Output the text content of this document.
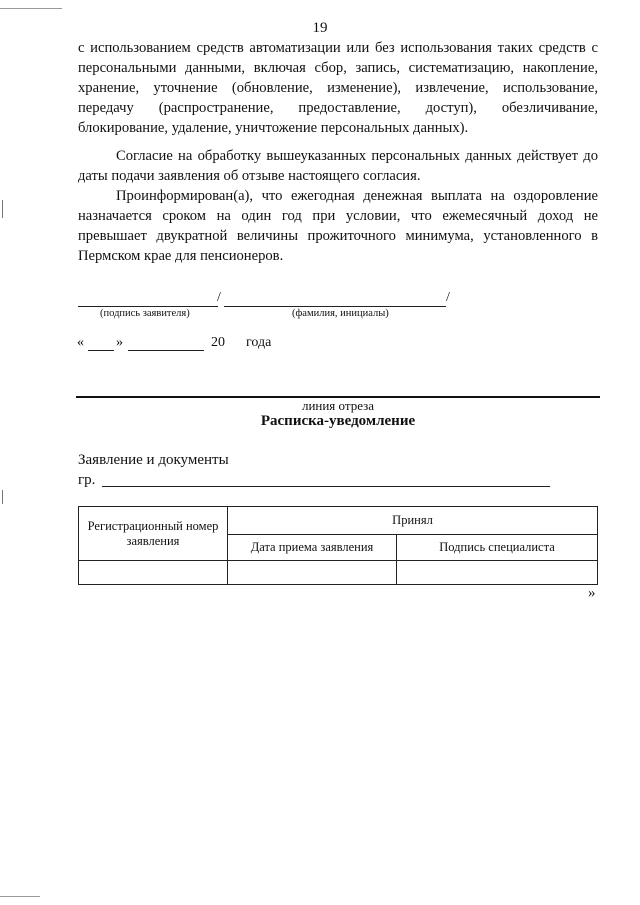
19

с использованием средств автоматизации или без использования таких средств с персональными данными, включая сбор, запись, систематизацию, накопление, хранение, уточнение (обновление, изменение), извлечение, использование, передачу (распространение, предоставление, доступ), обезличивание, блокирование, удаление, уничтожение персональных данных).

Согласие на обработку вышеуказанных персональных данных действует до даты подачи заявления об отзыве настоящего согласия.

Проинформирован(а), что ежегодная денежная выплата на оздоровление назначается сроком на один год при условии, что ежемесячный доход не превышает двукратной величины прожиточного минимума, установленного в Пермском крае для пенсионеров.

/	/
(подпись заявителя)	(фамилия, инициалы)
« »	20 года
линия отреза
Расписка-уведомление
Заявление и документы
гр.
Регистрационный номер заявления	Принял	
	Дата приема заявления	Подпись специалиста

»
